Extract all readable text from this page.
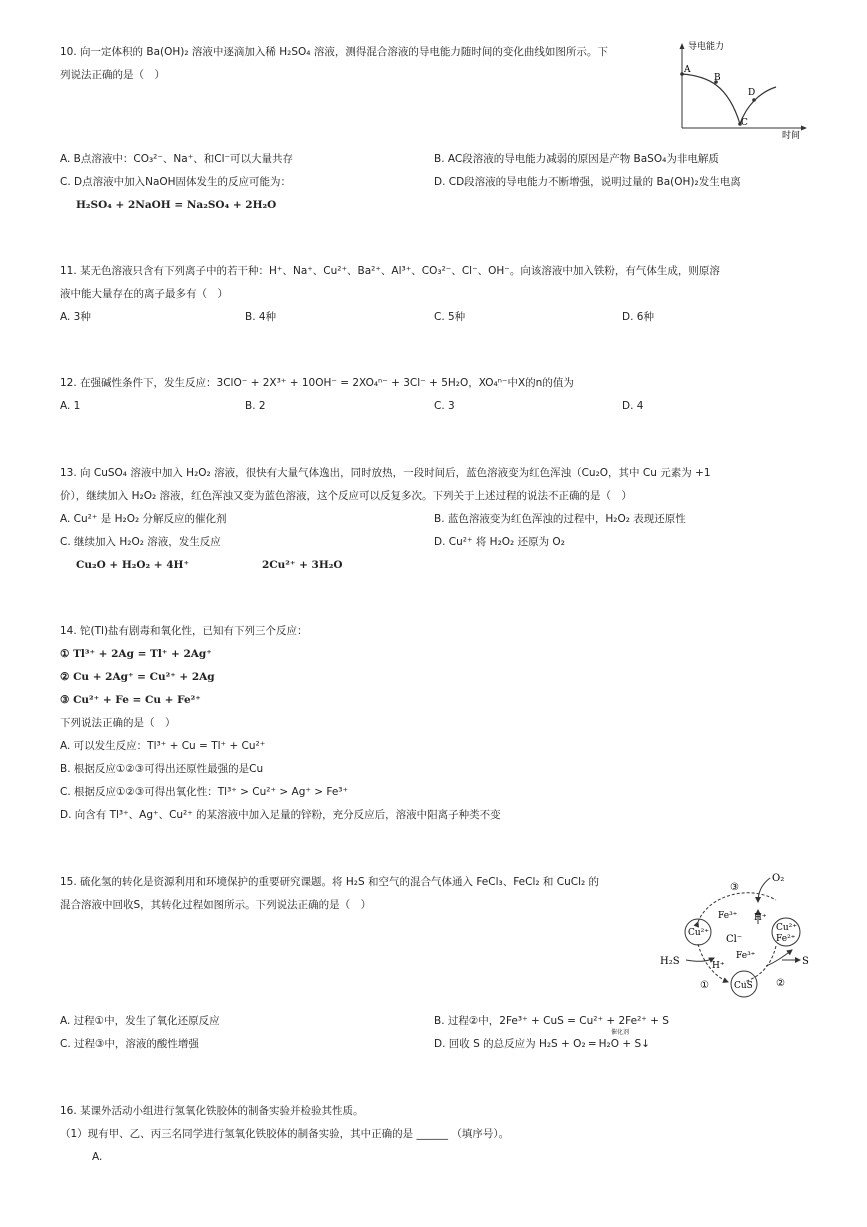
10. 向一定体积的 Ba(OH)₂ 溶液中逐滴加入稀 H₂SO₄ 溶液，测得混合溶液的导电能力随时间的变化曲线如图所示。下
列说法正确的是（　）
导电能力
时间
A
B
C
D
A. B点溶液中：CO₃²⁻、Na⁺、和Cl⁻可以大量共存	B. AC段溶液的导电能力减弱的原因是产物 BaSO₄为非电解质
C. D点溶液中加入NaOH固体发生的反应可能为：	D. CD段溶液的导电能力不断增强，说明过量的 Ba(OH)₂发生电离
H₂SO₄ + 2NaOH = Na₂SO₄ + 2H₂O
11. 某无色溶液只含有下列离子中的若干种：H⁺、Na⁺、Cu²⁺、Ba²⁺、Al³⁺、CO₃²⁻、Cl⁻、OH⁻。向该溶液中加入铁粉，有气体生成，则原溶
液中能大量存在的离子最多有（　）
A. 3种	B. 4种	C. 5种	D. 6种
12. 在强碱性条件下，发生反应：3ClO⁻ + 2X³⁺ + 10OH⁻ = 2XO₄ⁿ⁻ + 3Cl⁻ + 5H₂O，XO₄ⁿ⁻中X的n的值为
A. 1	B. 2	C. 3	D. 4
13. 向 CuSO₄ 溶液中加入 H₂O₂ 溶液，很快有大量气体逸出，同时放热，一段时间后，蓝色溶液变为红色浑浊（Cu₂O，其中 Cu 元素为 +1
价），继续加入 H₂O₂ 溶液，红色浑浊又变为蓝色溶液，这个反应可以反复多次。下列关于上述过程的说法不正确的是（　）
A. Cu²⁺ 是 H₂O₂ 分解反应的催化剂	B. 蓝色溶液变为红色浑浊的过程中，H₂O₂ 表现还原性
C. 继续加入 H₂O₂ 溶液，发生反应	D. Cu²⁺ 将 H₂O₂ 还原为 O₂
Cu₂O + H₂O₂ + 4H⁺	2Cu²⁺ + 3H₂O
14. 铊(Tl)盐有剧毒和氧化性，已知有下列三个反应：
① Tl³⁺ + 2Ag = Tl⁺ + 2Ag⁺
② Cu + 2Ag⁺ = Cu²⁺ + 2Ag
③ Cu²⁺ + Fe = Cu + Fe²⁺
下列说法正确的是（　）
A. 可以发生反应：Tl³⁺ + Cu = Tl⁺ + Cu²⁺
B. 根据反应①②③可得出还原性最强的是Cu
C. 根据反应①②③可得出氧化性：Tl³⁺ > Cu²⁺ > Ag⁺ > Fe³⁺
D. 向含有 Tl³⁺、Ag⁺、Cu²⁺ 的某溶液中加入足量的锌粉，充分反应后，溶液中阳离子种类不变
15. 硫化氢的转化是资源利用和环境保护的重要研究课题。将 H₂S 和空气的混合气体通入 FeCl₃、FeCl₂ 和 CuCl₂ 的
混合溶液中回收S，其转化过程如图所示。下列说法正确的是（　）
O₂
③
Fe³⁺ H⁺
Cu²⁺
Cl⁻
Cu²⁺
Fe²⁺
Fe³⁺
H₂S	H⁺
①	CuS ②
S
A. 过程①中，发生了氧化还原反应	B. 过程②中，2Fe³⁺ + CuS = Cu²⁺ + 2Fe²⁺ + S
C. 过程③中，溶液的酸性增强	D. 回收 S 的总反应为 H₂S + O₂ ═ H₂O + S↓
催化剂
16. 某课外活动小组进行氢氧化铁胶体的制备实验并检验其性质。
（1）现有甲、乙、丙三名同学进行氢氧化铁胶体的制备实验，其中正确的是 ______ （填序号）。
A.
